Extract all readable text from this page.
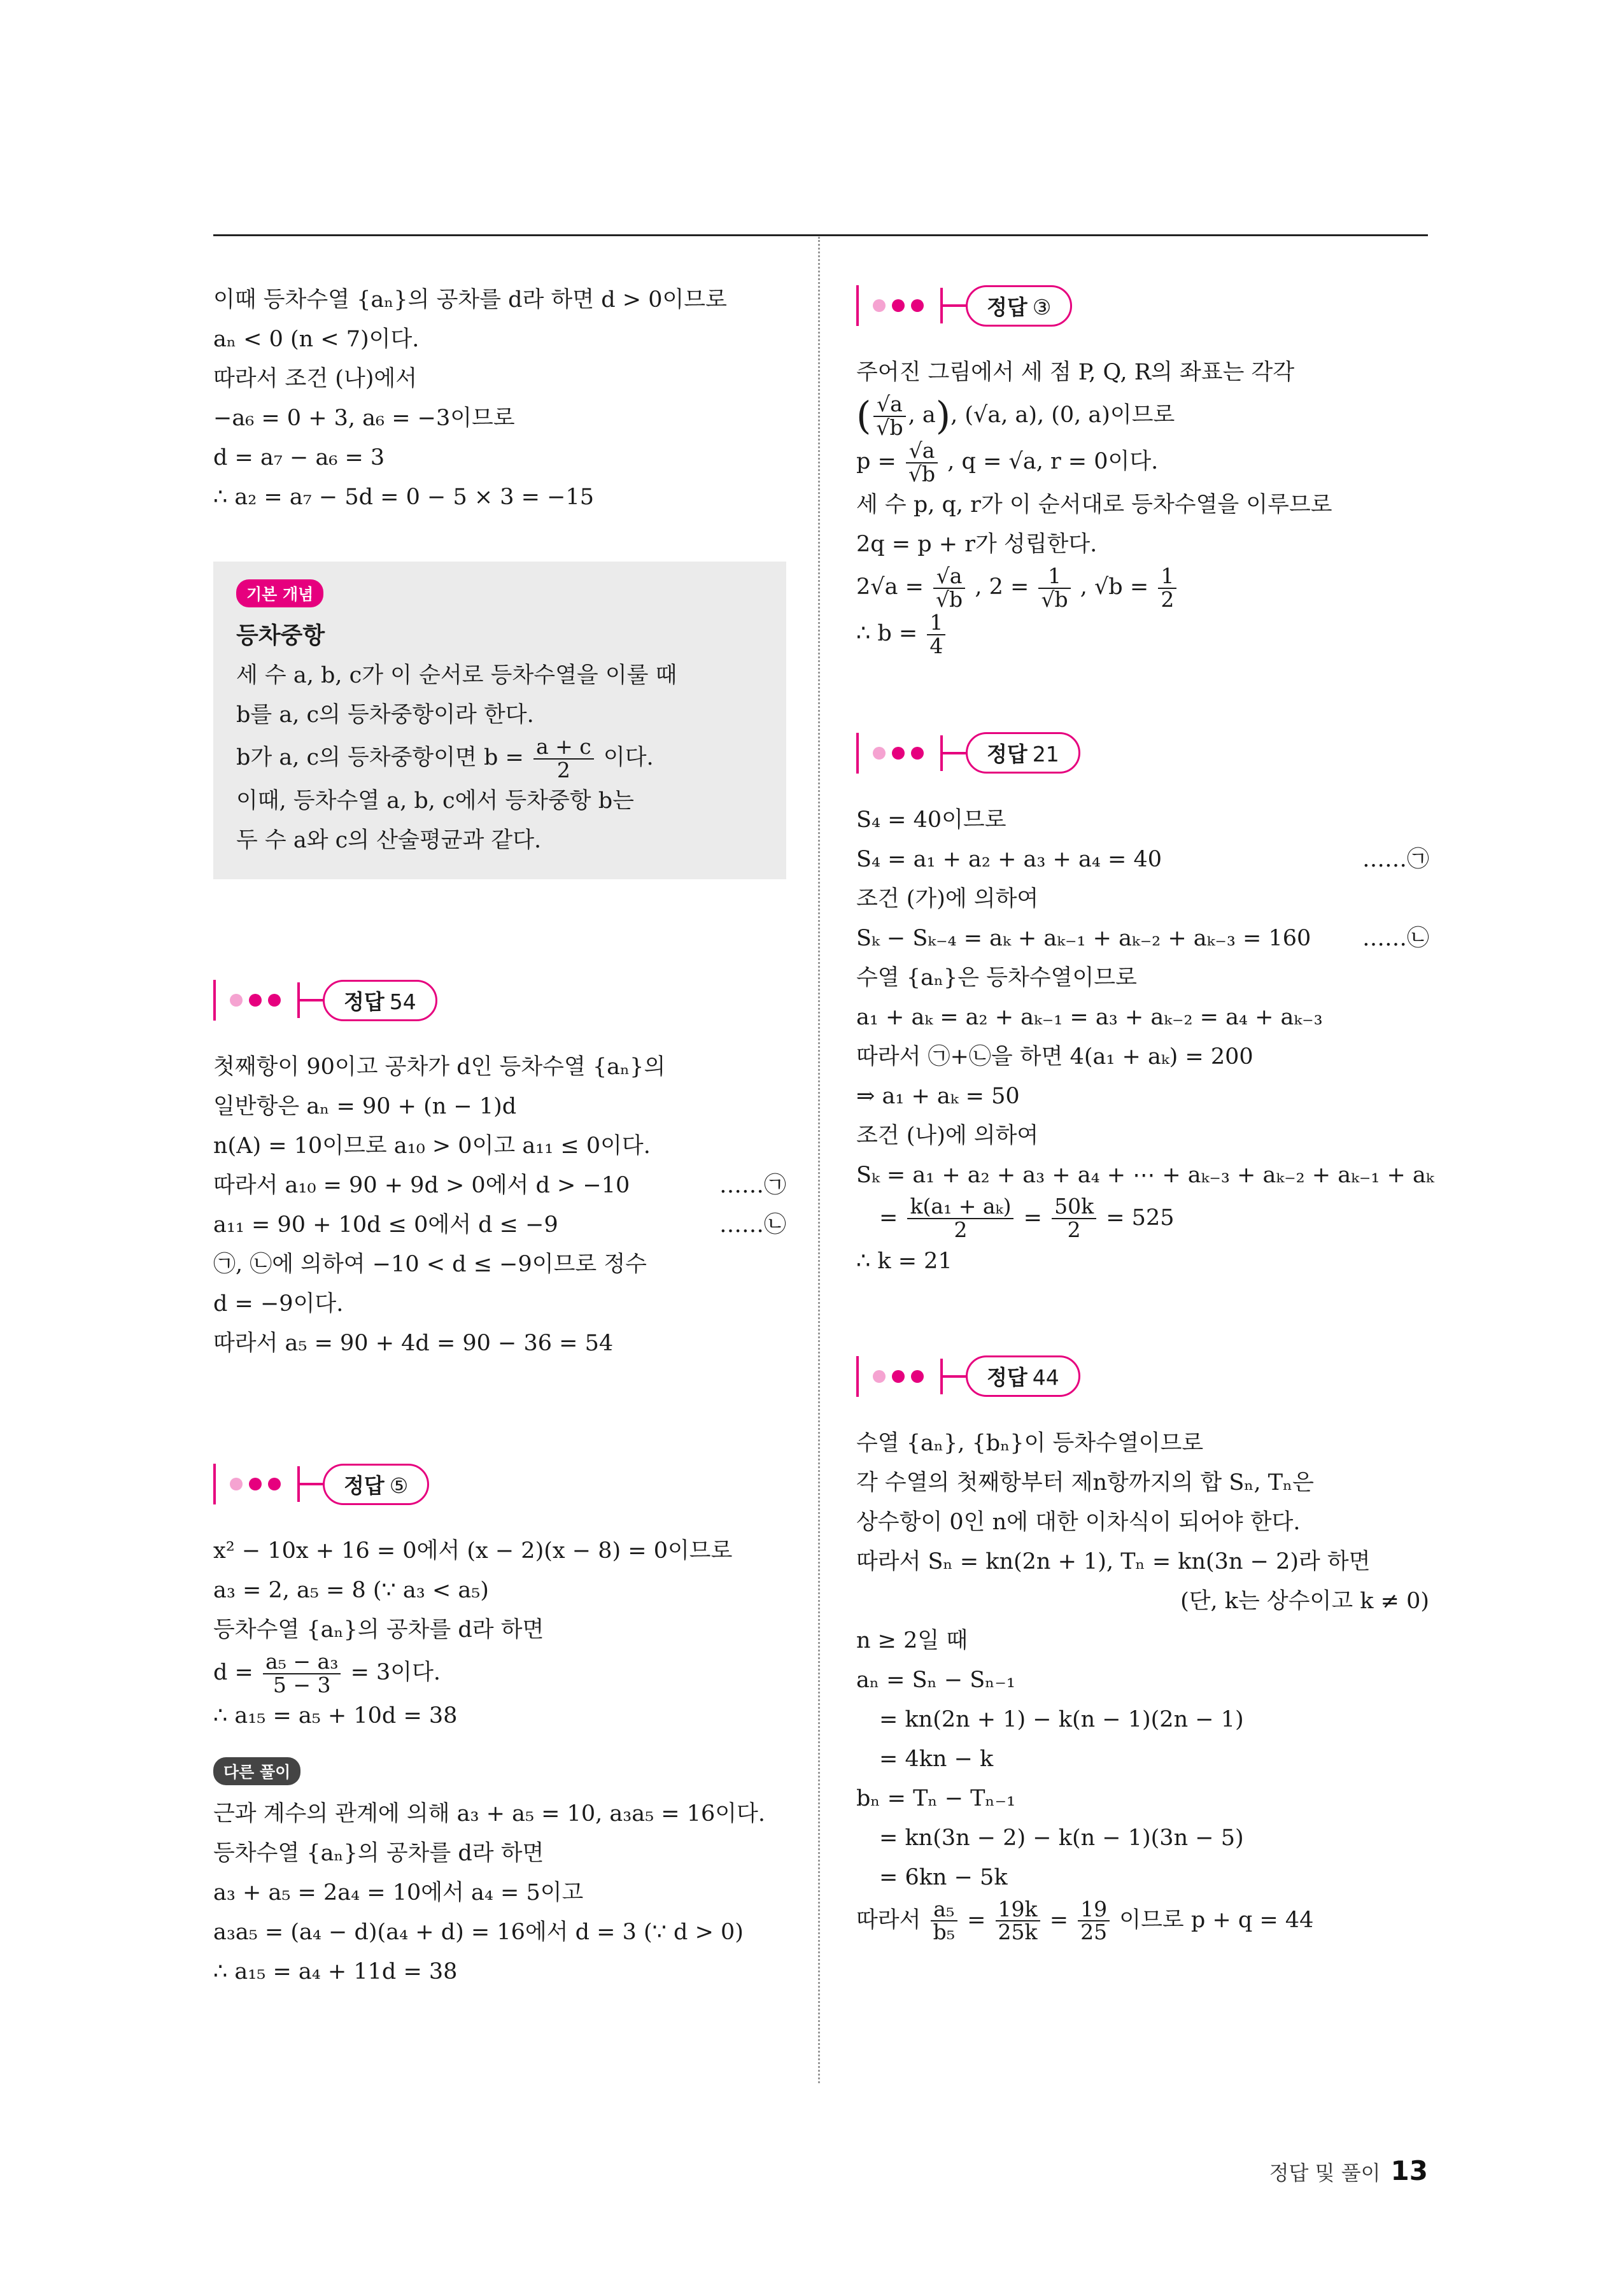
이때 등차수열 {aₙ}의 공차를 d라 하면 d > 0이므로
aₙ < 0 (n < 7)이다.
따라서 조건 (나)에서
−a₆ = 0 + 3, a₆ = −3이므로
d = a₇ − a₆ = 3
∴ a₂ = a₇ − 5d = 0 − 5 × 3 = −15
기본 개념
등차중항
세 수 a, b, c가 이 순서로 등차수열을 이룰 때
b를 a, c의 등차중항이라 한다.
b가 a, c의 등차중항이면 $b = \frac{a + c}{2}$ 이다.
이때, 등차수열 a, b, c에서 등차중항 b는
두 수 a와 c의 산술평균과 같다.
정답 54
첫째항이 90이고 공차가 d인 등차수열 {aₙ}의
일반항은 aₙ = 90 + (n − 1)d
n(A) = 10이므로 a₁₀ > 0이고 a₁₁ ≤ 0이다.
따라서 a₁₀ = 90 + 9d > 0에서 d > −10	……㉠
a₁₁ = 90 + 10d ≤ 0에서 d ≤ −9	……㉡
㉠, ㉡에 의하여 −10 < d ≤ −9이므로 정수
d = −9이다.
따라서 a₅ = 90 + 4d = 90 − 36 = 54
정답 ⑤
x² − 10x + 16 = 0에서 (x − 2)(x − 8) = 0이므로
a₃ = 2, a₅ = 8 (∵ a₃ < a₅)
등차수열 {aₙ}의 공차를 d라 하면
$d = \frac{\text{a₅ − a₃}}{5 - 3} = 3$이다.
∴ a₁₅ = a₅ + 10d = 38
다른 풀이
근과 계수의 관계에 의해 a₃ + a₅ = 10, a₃a₅ = 16이다.
등차수열 {aₙ}의 공차를 d라 하면
a₃ + a₅ = 2a₄ = 10에서 a₄ = 5이고
a₃a₅ = (a₄ − d)(a₄ + d) = 16에서 d = 3 (∵ d > 0)
∴ a₁₅ = a₄ + 11d = 38
정답 ③
주어진 그림에서 세 점 P, Q, R의 좌표는 각각
( $\frac{√a}{√b}$ , a), (√a, a), (0, a)이므로
$p = \frac{√a}{√b}$ , q = √a, r = 0이다.
세 수 p, q, r가 이 순서대로 등차수열을 이루므로
2q = p + r가 성립한다.
$2√a = \frac{√a}{√b}$ , $2 = \frac{1}{√b}$ , $√b = \frac{1}{2}$
∴ $b = \frac{1}{4}$
정답 21
S₄ = 40이므로
S₄ = a₁ + a₂ + a₃ + a₄ = 40	……㉠
조건 (가)에 의하여
Sₖ − Sₖ₋₄ = aₖ + aₖ₋₁ + aₖ₋₂ + aₖ₋₃ = 160 ……㉡
수열 {aₙ}은 등차수열이므로
a₁ + aₖ = a₂ + aₖ₋₁ = a₃ + aₖ₋₂ = a₄ + aₖ₋₃
따라서 ㉠+㉡을 하면 4(a₁ + aₖ) = 200
⇒ a₁ + aₖ = 50
조건 (나)에 의하여
Sₖ = a₁ + a₂ + a₃ + a₄ + ⋯ + aₖ₋₃ + aₖ₋₂ + aₖ₋₁ + aₖ
= $\frac{\text{k(a₁ + aₖ)}}{2} = \frac{50k}{2} = 525$
∴ k = 21
정답 44
수열 {aₙ}, {bₙ}이 등차수열이므로
각 수열의 첫째항부터 제n항까지의 합 Sₙ, Tₙ은
상수항이 0인 n에 대한 이차식이 되어야 한다.
따라서 Sₙ = kn(2n + 1), Tₙ = kn(3n − 2)라 하면
(단, k는 상수이고 k ≠ 0)
n ≥ 2일 때
aₙ = Sₙ − Sₙ₋₁
= kn(2n + 1) − k(n − 1)(2n − 1)
= 4kn − k
bₙ = Tₙ − Tₙ₋₁
= kn(3n − 2) − k(n − 1)(3n − 5)
= 6kn − 5k
따라서 $\frac{\text{a₅}}{\text{b₅}} = \frac{19k}{25k} = \frac{19}{25}$ 이므로 p + q = 44
정답 및 풀이 13
